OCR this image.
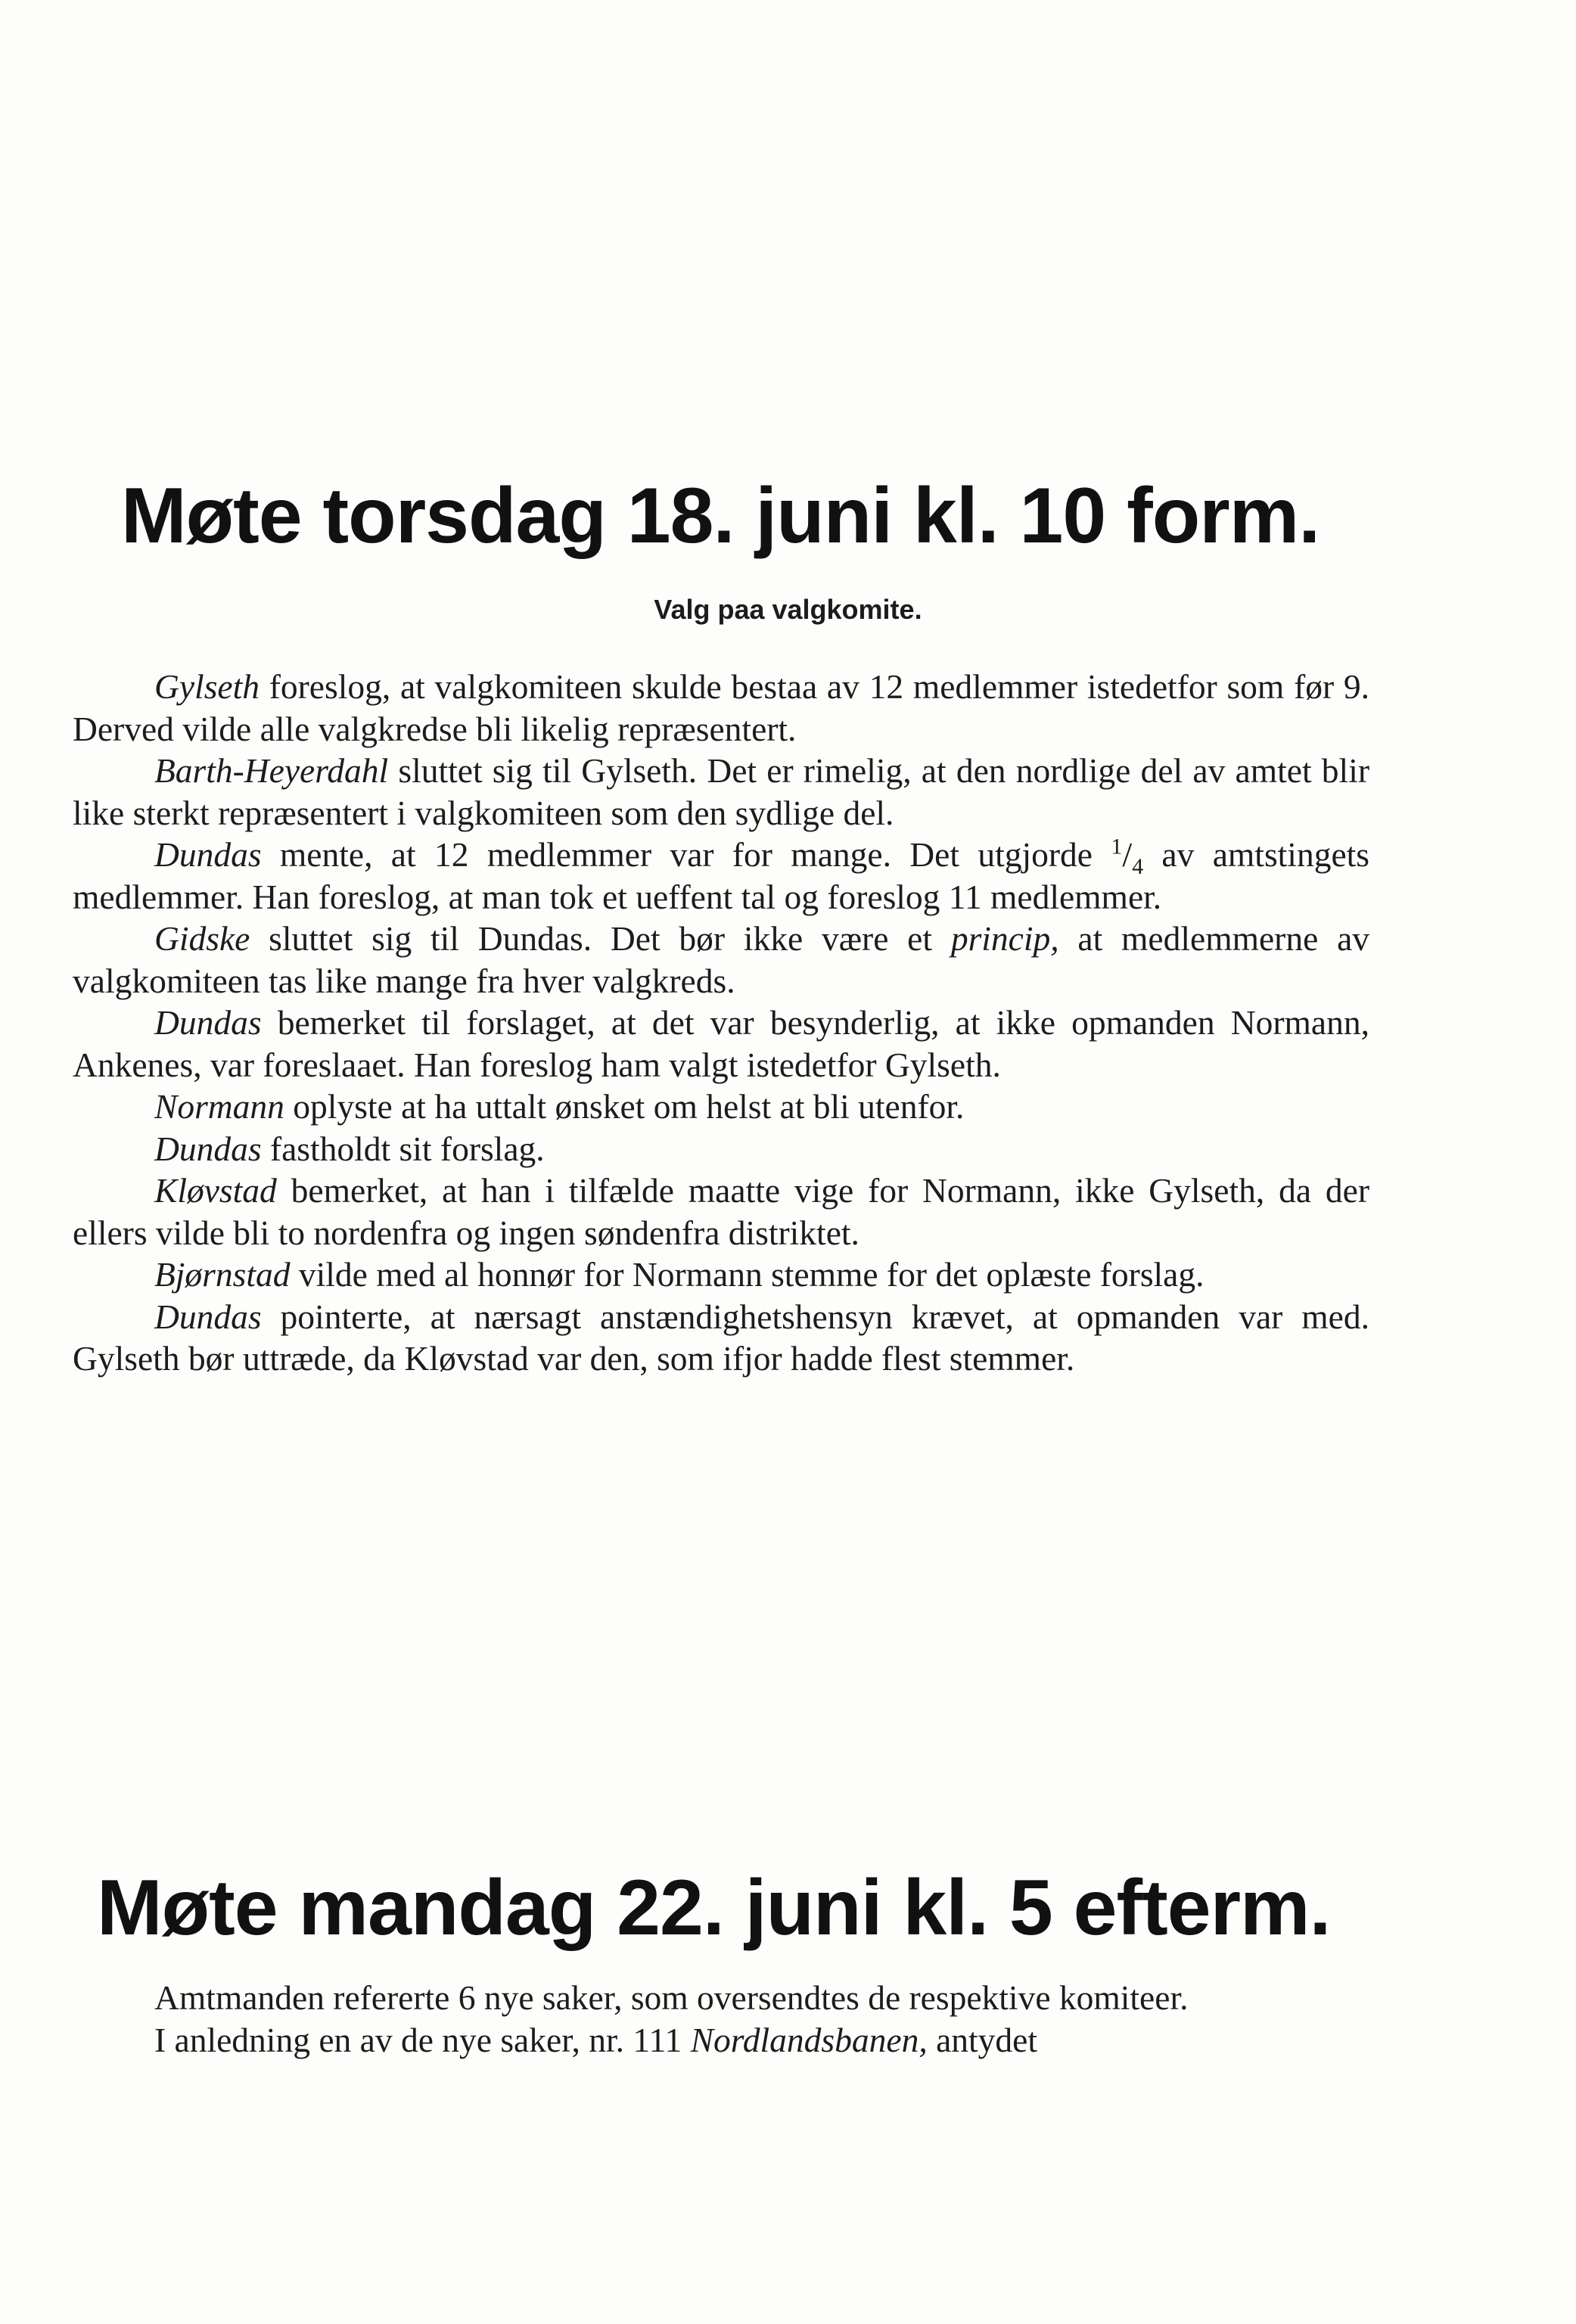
Møte torsdag 18. juni kl. 10 form.
Valg paa valgkomite.

Gylseth foreslog, at valgkomiteen skulde bestaa av 12 medlemmer istedetfor som før 9. Derved vilde alle valgkredse bli likelig repræsentert.

Barth-Heyerdahl sluttet sig til Gylseth. Det er rimelig, at den nordlige del av amtet blir like sterkt repræsentert i valgkomiteen som den sydlige del.

Dundas mente, at 12 medlemmer var for mange. Det utgjorde $^1/_4$ av amtstingets medlemmer. Han foreslog, at man tok et ueffent tal og foreslog 11 medlemmer.

Gidske sluttet sig til Dundas. Det bør ikke være et princip, at medlemmerne av valgkomiteen tas like mange fra hver valgkreds.

Dundas bemerket til forslaget, at det var besynderlig, at ikke opmanden Normann, Ankenes, var foreslaaet. Han foreslog ham valgt istedetfor Gylseth.

Normann oplyste at ha uttalt ønsket om helst at bli utenfor.

Dundas fastholdt sit forslag.

Kløvstad bemerket, at han i tilfælde maatte vige for Normann, ikke Gylseth, da der ellers vilde bli to nordenfra og ingen søndenfra distriktet.

Bjørnstad vilde med al honnør for Normann stemme for det oplæste forslag.

Dundas pointerte, at nærsagt anstændighetshensyn krævet, at opmanden var med. Gylseth bør uttræde, da Kløvstad var den, som ifjor hadde flest stemmer.

Møte mandag 22. juni kl. 5 efterm.

Amtmanden refererte 6 nye saker, som oversendtes de respektive komiteer.

I anledning en av de nye saker, nr. 111 Nordlandsbanen, antydet
